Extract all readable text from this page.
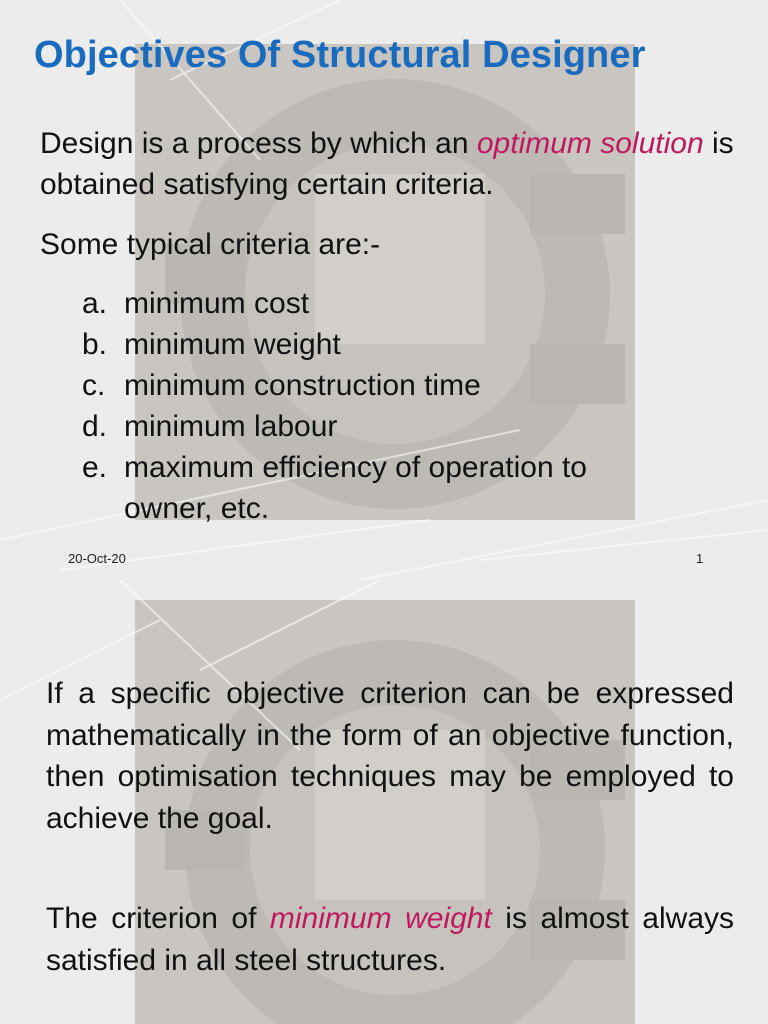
Objectives Of Structural Designer

Design is a process by which an optimum solution is obtained satisfying certain criteria.

Some typical criteria are:-

a. minimum cost
b. minimum weight
c. minimum construction time
d. minimum labour
e. maximum efficiency of operation to owner, etc.
20-Oct-20	1

If a specific objective criterion can be expressed mathematically in the form of an objective function, then optimisation techniques may be employed to achieve the goal.

The criterion of minimum weight is almost always satisfied in all steel structures.
